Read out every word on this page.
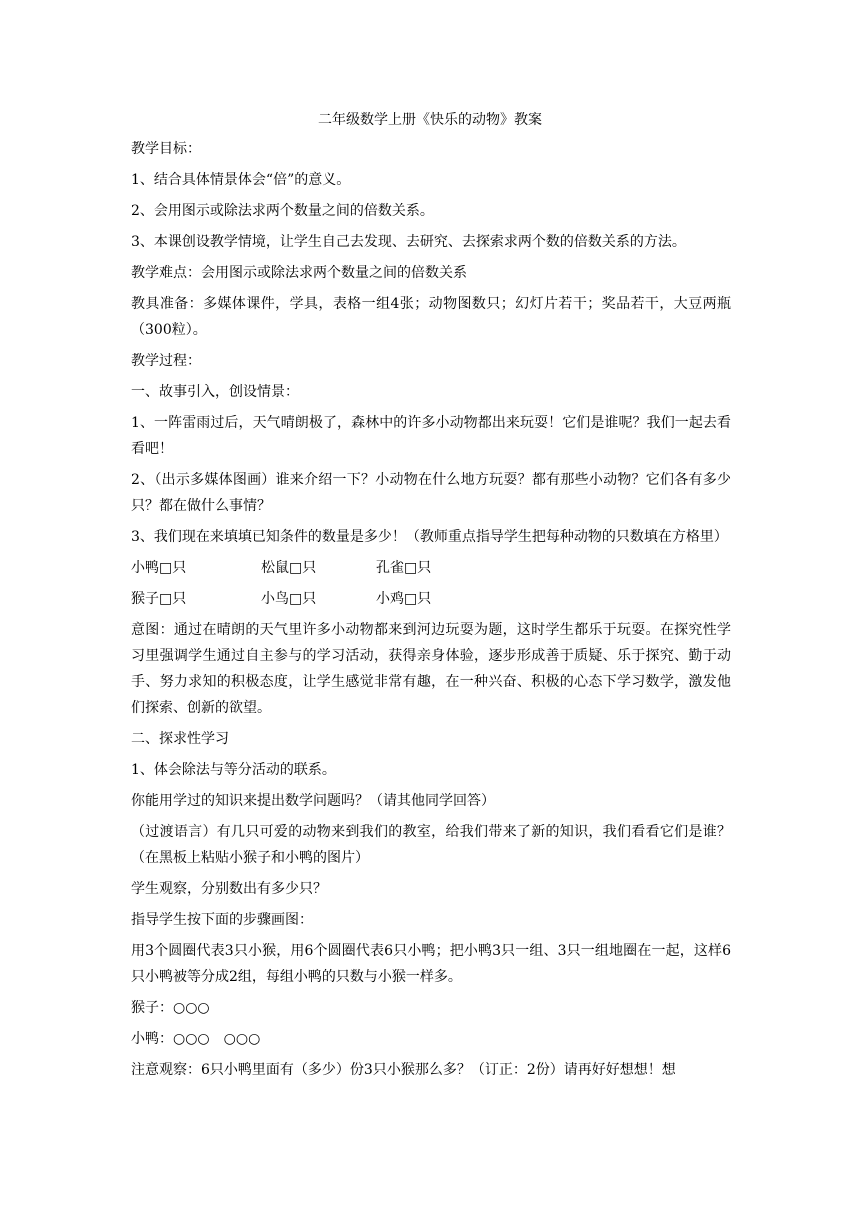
二年级数学上册《快乐的动物》教案

教学目标：

1、结合具体情景体会“倍”的意义。

2、会用图示或除法求两个数量之间的倍数关系。

3、本课创设教学情境，让学生自己去发现、去研究、去探索求两个数的倍数关系的方法。

教学难点：会用图示或除法求两个数量之间的倍数关系

教具准备：多媒体课件，学具，表格一组4张；动物图数只；幻灯片若干；奖品若干，大豆两瓶（300粒）。

教学过程：

一、故事引入，创设情景：

1、一阵雷雨过后，天气晴朗极了，森林中的许多小动物都出来玩耍！它们是谁呢？我们一起去看看吧！

2、（出示多媒体图画）谁来介绍一下？小动物在什么地方玩耍？都有那些小动物？它们各有多少只？都在做什么事情？

3、我们现在来填填已知条件的数量是多少！（教师重点指导学生把每种动物的只数填在方格里）

小鸭□只	松鼠□只	孔雀□只
猴子□只	小鸟□只	小鸡□只

意图：通过在晴朗的天气里许多小动物都来到河边玩耍为题，这时学生都乐于玩耍。在探究性学习里强调学生通过自主参与的学习活动，获得亲身体验，逐步形成善于质疑、乐于探究、勤于动手、努力求知的积极态度，让学生感觉非常有趣，在一种兴奋、积极的心态下学习数学，激发他们探索、创新的欲望。

二、探求性学习

1、体会除法与等分活动的联系。

你能用学过的知识来提出数学问题吗？（请其他同学回答）

（过渡语言）有几只可爱的动物来到我们的教室，给我们带来了新的知识，我们看看它们是谁？（在黑板上粘贴小猴子和小鸭的图片）

学生观察，分别数出有多少只？

指导学生按下面的步骤画图：

用3个圆圈代表3只小猴，用6个圆圈代表6只小鸭；把小鸭3只一组、3只一组地圈在一起，这样6只小鸭被等分成2组，每组小鸭的只数与小猴一样多。

猴子：○○○

小鸭：○○○　○○○

注意观察：6只小鸭里面有（多少）份3只小猴那么多？（订正：2份）请再好好想想！想
